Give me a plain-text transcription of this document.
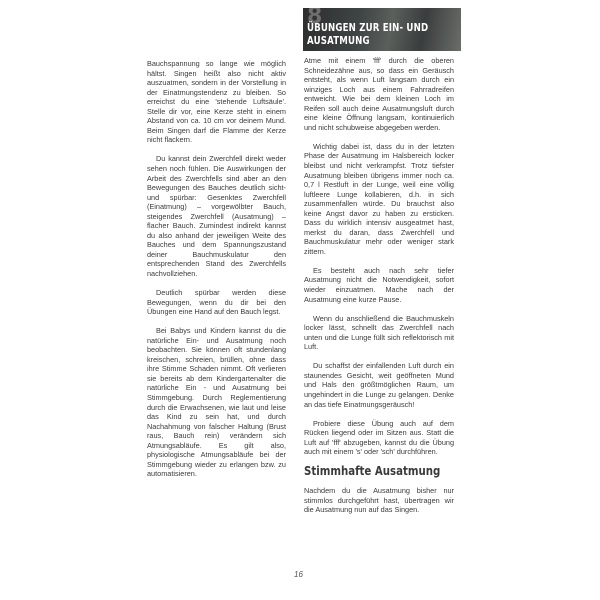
8
ÜBUNGEN ZUR EIN- UND
AUSATMUNG

Bauchspannung so lange wie möglich hältst. Singen heißt also nicht aktiv auszuatmen, sondern in der Vorstellung in der Einatmungstendenz zu bleiben. So erreichst du eine 'stehende Luftsäule'. Stelle dir vor, eine Kerze steht in einem Abstand von ca. 10 cm vor deinem Mund. Beim Singen darf die Flamme der Kerze nicht flackern.

Du kannst dein Zwerchfell direkt weder sehen noch fühlen. Die Auswirkungen der Arbeit des Zwerchfells sind aber an den Bewegungen des Bauches deutlich sicht- und spürbar: Gesenktes Zwerchfell (Einatmung) – vorgewölbter Bauch, steigendes Zwerchfell (Ausatmung) – flacher Bauch. Zumindest indirekt kannst du also anhand der jeweiligen Weite des Bauches und dem Spannungszustand deiner Bauchmuskulatur den entsprechenden Stand des Zwerchfells nachvollziehen.

Deutlich spürbar werden diese Bewegungen, wenn du dir bei den Übungen eine Hand auf den Bauch legst.

Bei Babys und Kindern kannst du die natürliche Ein- und Ausatmung noch beobachten. Sie können oft stundenlang kreischen, schreien, brüllen, ohne dass ihre Stimme Schaden nimmt. Oft verlieren sie bereits ab dem Kindergartenalter die natürliche Ein - und Ausatmung bei Stimmgebung. Durch Reglementierung durch die Erwachsenen, wie laut und leise das Kind zu sein hat, und durch Nachahmung von falscher Haltung (Brust raus, Bauch rein) verändern sich Atmungsabläufe. Es gilt also, physiologische Atmungsabläufe bei der Stimmgebung wieder zu erlangen bzw. zu automatisieren.

Atme mit einem 'fff' durch die oberen Schneidezähne aus, so dass ein Geräusch entsteht, als wenn Luft langsam durch ein winziges Loch aus einem Fahrradreifen entweicht. Wie bei dem kleinen Loch im Reifen soll auch deine Ausatmungsluft durch eine kleine Öffnung langsam, kontinuierlich und nicht schubweise abgegeben werden.

Wichtig dabei ist, dass du in der letzten Phase der Ausatmung im Halsbereich locker bleibst und nicht verkrampfst. Trotz tiefster Ausatmung bleiben übrigens immer noch ca. 0,7 l Restluft in der Lunge, weil eine völlig luftleere Lunge kollabieren, d.h. in sich zusammenfallen würde. Du brauchst also keine Angst davor zu haben zu ersticken. Dass du wirklich intensiv ausgeatmet hast, merkst du daran, dass Zwerchfell und Bauchmuskulatur mehr oder weniger stark zittern.

Es besteht auch nach sehr tiefer Ausatmung nicht die Notwendigkeit, sofort wieder einzuatmen. Mache nach der Ausatmung eine kurze Pause.

Wenn du anschließend die Bauchmuskeln locker lässt, schnellt das Zwerchfell nach unten und die Lunge füllt sich reflektorisch mit Luft.

Du schaffst der einfallenden Luft durch ein staunendes Gesicht, weit geöffneten Mund und Hals den größtmöglichen Raum, um ungehindert in die Lunge zu gelangen. Denke an das tiefe Einatmungsgeräusch!

Probiere diese Übung auch auf dem Rücken liegend oder im Sitzen aus. Statt die Luft auf 'fff' abzugeben, kannst du die Übung auch mit einem 's' oder 'sch' durchführen.

Stimmhafte Ausatmung

Nachdem du die Ausatmung bisher nur stimmlos durchgeführt hast, übertragen wir die Ausatmung nun auf das Singen.

16
